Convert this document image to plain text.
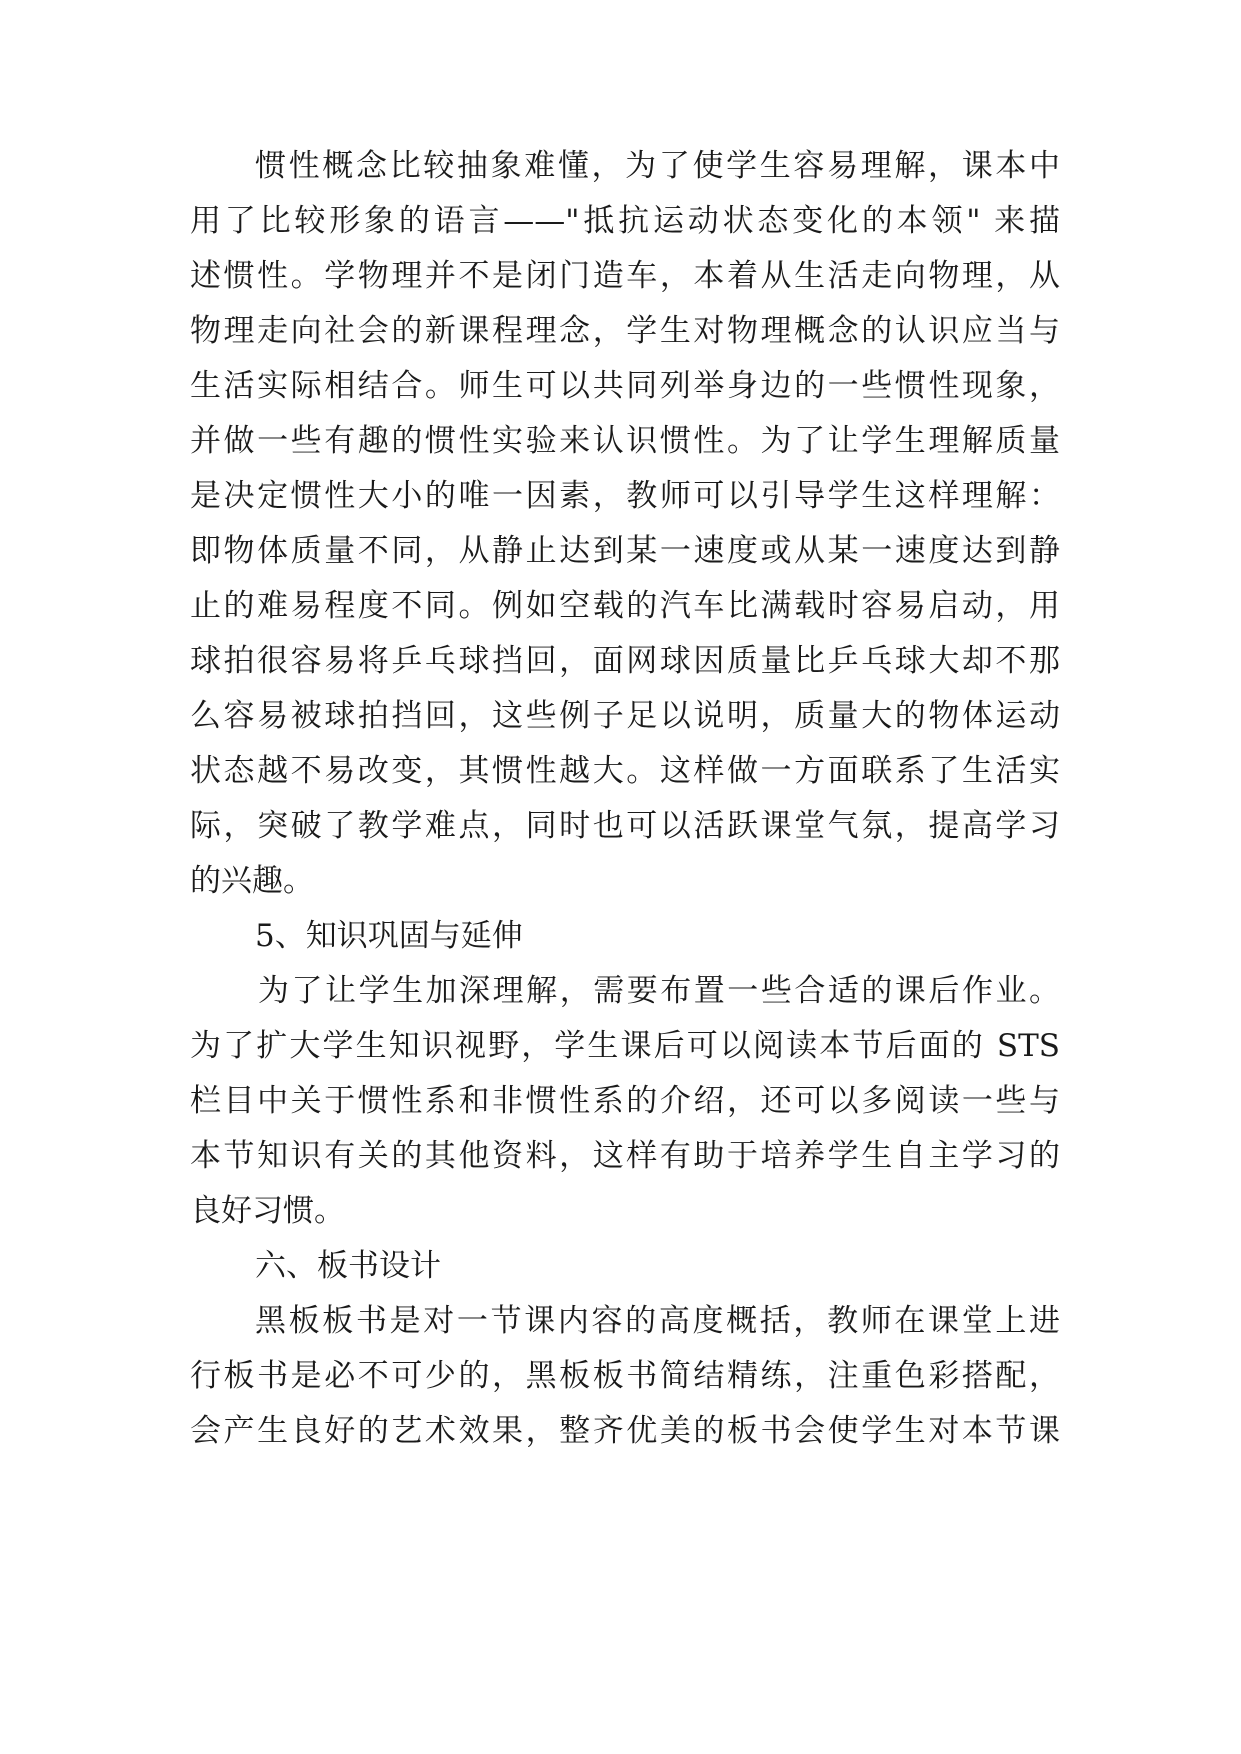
惯性概念比较抽象难懂，为了使学生容易理解，课本中
用了比较形象的语言——"抵抗运动状态变化的本领" 来描
述惯性。学物理并不是闭门造车，本着从生活走向物理，从
物理走向社会的新课程理念，学生对物理概念的认识应当与
生活实际相结合。师生可以共同列举身边的一些惯性现象，
并做一些有趣的惯性实验来认识惯性。为了让学生理解质量
是决定惯性大小的唯一因素，教师可以引导学生这样理解：
即物体质量不同，从静止达到某一速度或从某一速度达到静
止的难易程度不同。例如空载的汽车比满载时容易启动，用
球拍很容易将乒乓球挡回，面网球因质量比乒乓球大却不那
么容易被球拍挡回，这些例子足以说明，质量大的物体运动
状态越不易改变，其惯性越大。这样做一方面联系了生活实
际，突破了教学难点，同时也可以活跃课堂气氛，提高学习
的兴趣。
5、知识巩固与延伸
为了让学生加深理解，需要布置一些合适的课后作业。
为了扩大学生知识视野，学生课后可以阅读本节后面的 STS
栏目中关于惯性系和非惯性系的介绍，还可以多阅读一些与
本节知识有关的其他资料，这样有助于培养学生自主学习的
良好习惯。
六、板书设计
黑板板书是对一节课内容的高度概括，教师在课堂上进
行板书是必不可少的，黑板板书简结精练，注重色彩搭配，
会产生良好的艺术效果，整齐优美的板书会使学生对本节课
